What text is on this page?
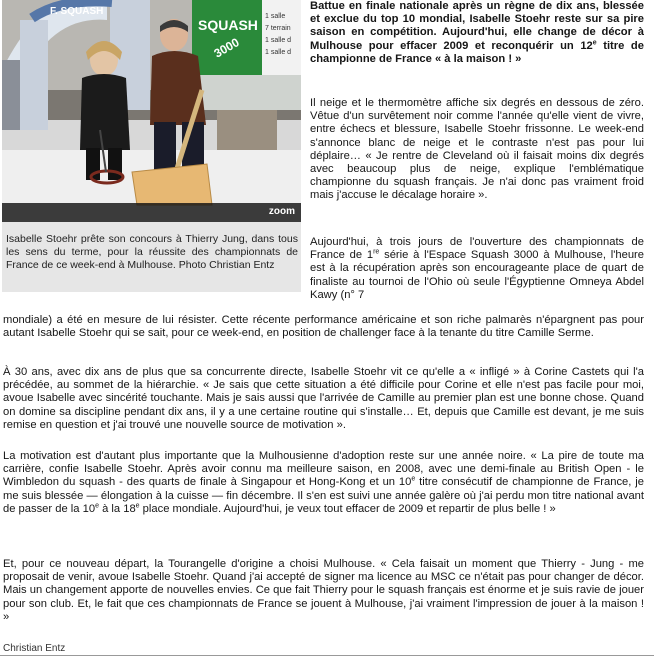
SQUASH
3000
1 salle
7 terrain
1 salle d
1 salle d
F. SQUASH
zoom
Isabelle Stoehr prête son concours à Thierry Jung, dans tous les sens du terme, pour la réussite des championnats de France de ce week-end à Mulhouse. Photo Christian Entz

Battue en finale nationale après un règne de dix ans, blessée et exclue du top 10 mondial, Isabelle Stoehr reste sur sa pire saison en compétition. Aujourd'hui, elle change de décor à Mulhouse pour effacer 2009 et reconquérir un 12e titre de championne de France « à la maison ! »

Il neige et le thermomètre affiche six degrés en dessous de zéro. Vêtue d'un survêtement noir comme l'année qu'elle vient de vivre, entre échecs et blessure, Isabelle Stoehr frissonne. Le week-end s'annonce blanc de neige et le contraste n'est pas pour lui déplaire… « Je rentre de Cleveland où il faisait moins dix degrés avec beaucoup plus de neige, explique l'emblématique championne du squash français. Je n'ai donc pas vraiment froid mais j'accuse le décalage horaire ».

Aujourd'hui, à trois jours de l'ouverture des championnats de France de 1re série à l'Espace Squash 3000 à Mulhouse, l'heure est à la récupération après son encourageante place de quart de finaliste au tournoi de l'Ohio où seule l'Égyptienne Omneya Abdel Kawy (n° 7

mondiale) a été en mesure de lui résister. Cette récente performance américaine et son riche palmarès n'épargnent pas pour autant Isabelle Stoehr qui se sait, pour ce week-end, en position de challenger face à la tenante du titre Camille Serme.

À 30 ans, avec dix ans de plus que sa concurrente directe, Isabelle Stoehr vit ce qu'elle a « infligé » à Corine Castets qui l'a précédée, au sommet de la hiérarchie. « Je sais que cette situation a été difficile pour Corine et elle n'est pas facile pour moi, avoue Isabelle avec sincérité touchante. Mais je sais aussi que l'arrivée de Camille au premier plan est une bonne chose. Quand on domine sa discipline pendant dix ans, il y a une certaine routine qui s'installe… Et, depuis que Camille est devant, je me suis remise en question et j'ai trouvé une nouvelle source de motivation ».

La motivation est d'autant plus importante que la Mulhousienne d'adoption reste sur une année noire. « La pire de toute ma carrière, confie Isabelle Stoehr. Après avoir connu ma meilleure saison, en 2008, avec une demi-finale au British Open - le Wimbledon du squash - des quarts de finale à Singapour et Hong-Kong et un 10e titre consécutif de championne de France, je me suis blessée — élongation à la cuisse — fin décembre. Il s'en est suivi une année galère où j'ai perdu mon titre national avant de passer de la 10e à la 18e place mondiale. Aujourd'hui, je veux tout effacer de 2009 et repartir de plus belle ! »

Et, pour ce nouveau départ, la Tourangelle d'origine a choisi Mulhouse. « Cela faisait un moment que Thierry - Jung - me proposait de venir, avoue Isabelle Stoehr. Quand j'ai accepté de signer ma licence au MSC ce n'était pas pour changer de décor. Mais un changement apporte de nouvelles envies. Ce que fait Thierry pour le squash français est énorme et je suis ravie de jouer pour son club. Et, le fait que ces championnats de France se jouent à Mulhouse, j'ai vraiment l'impression de jouer à la maison ! »

Christian Entz
